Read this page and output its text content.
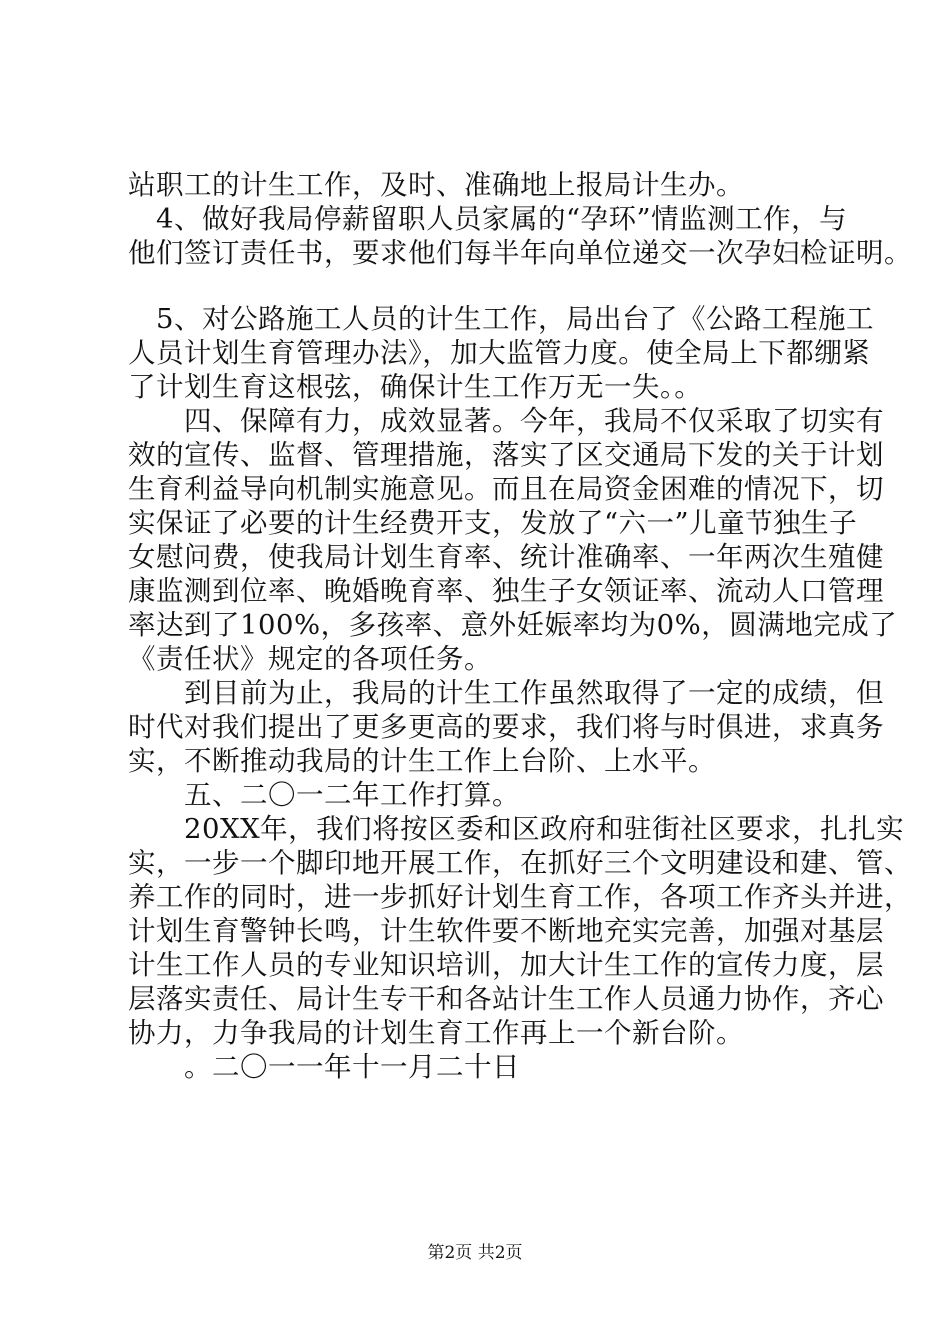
站职工的计生工作，及时、准确地上报局计生办。
　4、做好我局停薪留职人员家属的“孕环”情监测工作，与
他们签订责任书，要求他们每半年向单位递交一次孕妇检证明。
　5、对公路施工人员的计生工作，局出台了《公路工程施工
人员计划生育管理办法》，加大监管力度。使全局上下都绷紧
了计划生育这根弦，确保计生工作万无一失。。
　　四、保障有力，成效显著。今年，我局不仅采取了切实有
效的宣传、监督、管理措施，落实了区交通局下发的关于计划
生育利益导向机制实施意见。而且在局资金困难的情况下，切
实保证了必要的计生经费开支，发放了“六一”儿童节独生子
女慰问费，使我局计划生育率、统计准确率、一年两次生殖健
康监测到位率、晚婚晚育率、独生子女领证率、流动人口管理
率达到了100%，多孩率、意外妊娠率均为0%，圆满地完成了
《责任状》规定的各项任务。
　　到目前为止，我局的计生工作虽然取得了一定的成绩，但
时代对我们提出了更多更高的要求，我们将与时俱进，求真务
实，不断推动我局的计生工作上台阶、上水平。
　　五、二〇一二年工作打算。
　　20XX年，我们将按区委和区政府和驻街社区要求，扎扎实
实，一步一个脚印地开展工作，在抓好三个文明建设和建、管、
养工作的同时，进一步抓好计划生育工作，各项工作齐头并进，
计划生育警钟长鸣，计生软件要不断地充实完善，加强对基层
计生工作人员的专业知识培训，加大计生工作的宣传力度，层
层落实责任、局计生专干和各站计生工作人员通力协作，齐心
协力，力争我局的计划生育工作再上一个新台阶。
　　。二〇一一年十一月二十日
第2页 共2页
